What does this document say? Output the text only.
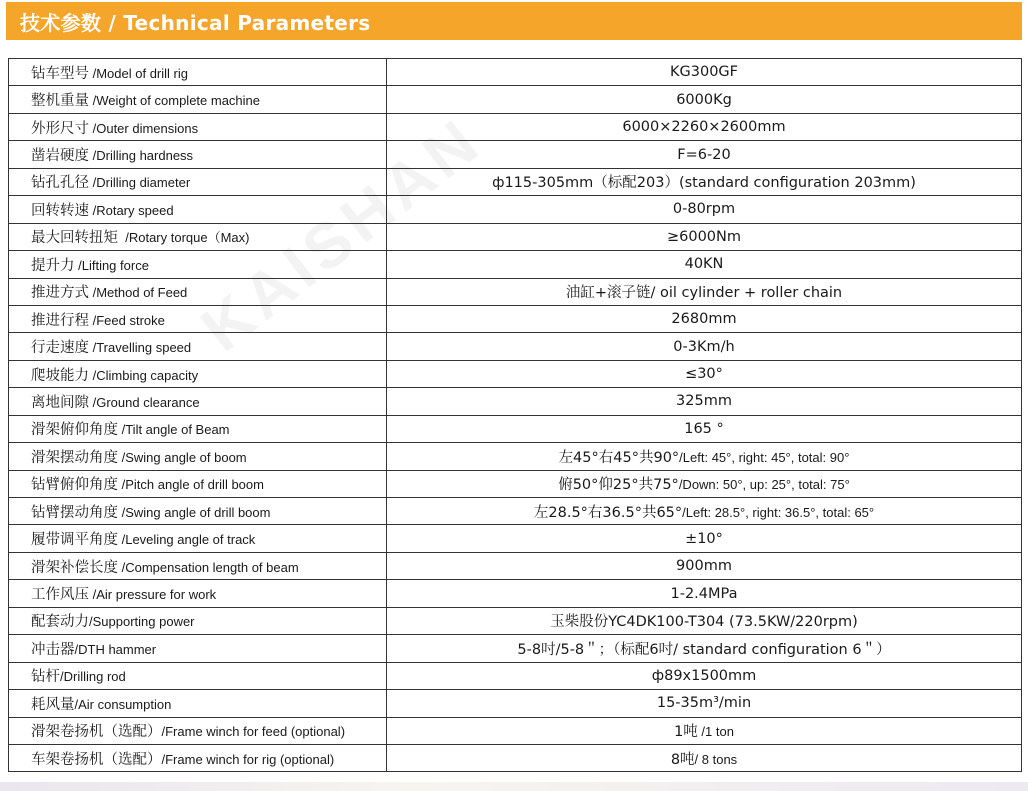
技术参数 / Technical Parameters
钻车型号 /Model of drill rig	KG300GF
整机重量 /Weight of complete machine	6000Kg
外形尺寸 /Outer dimensions	6000×2260×2600mm
凿岩硬度 /Drilling hardness	F=6-20
钻孔孔径 /Drilling diameter	ф115-305mm（标配203）(standard configuration 203mm)
回转转速 /Rotary speed	0-80rpm
最大回转扭矩  /Rotary torque（Max)	≥6000Nm
提升力 /Lifting force	40KN
推进方式 /Method of Feed	油缸+滚子链/ oil cylinder + roller chain
推进行程 /Feed stroke	2680mm
行走速度 /Travelling speed	0-3Km/h
爬坡能力 /Climbing capacity	≤30°
离地间隙 /Ground clearance	325mm
滑架俯仰角度 /Tilt angle of Beam	165 °
滑架摆动角度 /Swing angle of boom	左45°右45°共90°/Left: 45°, right: 45°, total: 90°
钻臂俯仰角度 /Pitch angle of drill boom	俯50°仰25°共75°/Down: 50°, up: 25°, total: 75°
钻臂摆动角度 /Swing angle of drill boom	左28.5°右36.5°共65°/Left: 28.5°, right: 36.5°, total: 65°
履带调平角度 /Leveling angle of track	±10°
滑架补偿长度 /Compensation length of beam	900mm
工作风压 /Air pressure for work	1-2.4MPa
配套动力/Supporting power	玉柴股份YC4DK100-T304 (73.5KW/220rpm)
冲击器/DTH hammer	5-8吋/5-8＂；（标配6吋/ standard configuration 6＂）
钻杆/Drilling rod	ф89x1500mm
耗风量/Air consumption	15-35m³/min
滑架卷扬机（选配）/Frame winch for feed (optional)	1吨 /1 ton
车架卷扬机（选配）/Frame winch for rig (optional)	8吨/ 8 tons
